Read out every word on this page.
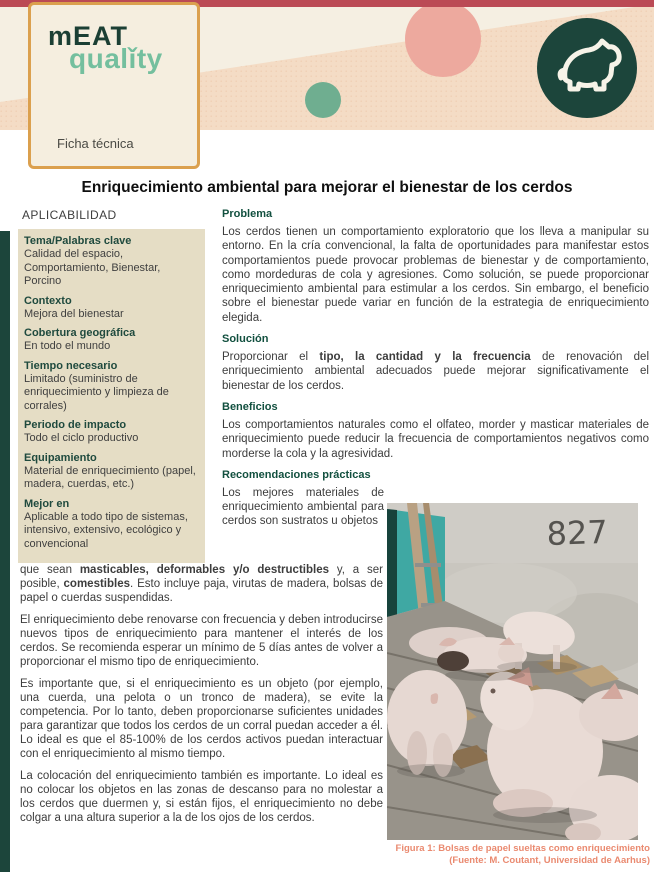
mEAT
qualǐty
Ficha técnica
Enriquecimiento ambiental para mejorar el bienestar de los cerdos
APLICABILIDAD
Tema/Palabras clave
Calidad del espacio, Comportamiento, Bienestar, Porcino
Contexto
Mejora del bienestar
Cobertura geográfica
En todo el mundo
Tiempo necesario
Limitado (suministro de enriquecimiento y limpieza de corrales)
Periodo de impacto
Todo el ciclo productivo
Equipamiento
Material de enriquecimiento (papel, madera, cuerdas, etc.)
Mejor en
Aplicable a todo tipo de sistemas, intensivo, extensivo, ecológico y convencional
Problema

Los cerdos tienen un comportamiento exploratorio que los lleva a manipular su entorno. En la cría convencional, la falta de oportunidades para manifestar estos comportamientos puede provocar problemas de bienestar y de comportamiento, como mordeduras de cola y agresiones. Como solución, se puede proporcionar enriquecimiento ambiental para estimular a los cerdos. Sin embargo, el beneficio sobre el bienestar puede variar en función de la estrategia de enriquecimiento elegida.

Solución

Proporcionar el tipo, la cantidad y la frecuencia de renovación del enriquecimiento ambiental adecuados puede mejorar significativamente el bienestar de los cerdos.

Beneficios

Los comportamientos naturales como el olfateo, morder y masticar materiales de enriquecimiento puede reducir la frecuencia de comportamientos negativos como morderse la cola y la agresividad.

Recomendaciones prácticas

Los mejores materiales de enriquecimiento ambiental para cerdos son sustratos u objetos

que sean masticables, deformables y/o destructibles y, a ser posible, comestibles. Esto incluye paja, virutas de madera, bolsas de papel o cuerdas suspendidas.

El enriquecimiento debe renovarse con frecuencia y deben introducirse nuevos tipos de enriquecimiento para mantener el interés de los cerdos. Se recomienda esperar un mínimo de 5 días antes de volver a proporcionar el mismo tipo de enriquecimiento.

Es importante que, si el enriquecimiento es un objeto (por ejemplo, una cuerda, una pelota o un tronco de madera), se evite la competencia. Por lo tanto, deben proporcionarse suficientes unidades para garantizar que todos los cerdos de un corral puedan acceder a él. Lo ideal es que el 85-100% de los cerdos activos puedan interactuar con el enriquecimiento al mismo tiempo.

La colocación del enriquecimiento también es importante. Lo ideal es no colocar los objetos en las zonas de descanso para no molestar a los cerdos que duermen y, si están fijos, el enriquecimiento no debe colgar a una altura superior a la de los ojos de los cerdos.

827
Figura 1: Bolsas de papel sueltas como enriquecimiento
(Fuente: M. Coutant, Universidad de Aarhus)
